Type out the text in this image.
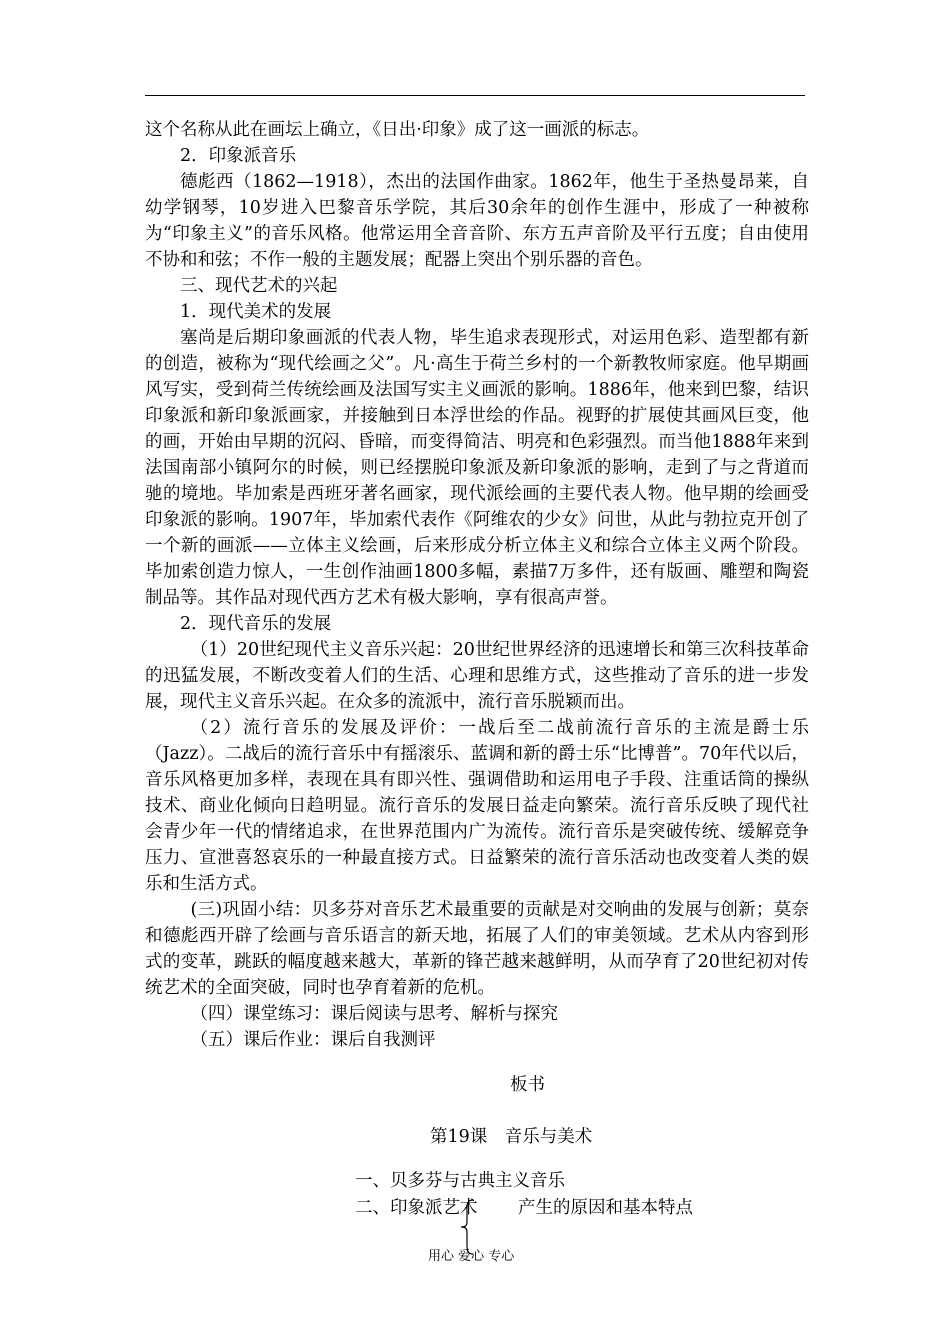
这个名称从此在画坛上确立，《日出·印象》成了这一画派的标志。

2．印象派音乐

德彪西（1862—1918），杰出的法国作曲家。1862年，他生于圣热曼昂莱，自幼学钢琴，10岁进入巴黎音乐学院，其后30余年的创作生涯中，形成了一种被称为“印象主义”的音乐风格。他常运用全音音阶、东方五声音阶及平行五度；自由使用不协和和弦；不作一般的主题发展；配器上突出个别乐器的音色。

三、现代艺术的兴起

1．现代美术的发展

塞尚是后期印象画派的代表人物，毕生追求表现形式，对运用色彩、造型都有新的创造，被称为“现代绘画之父”。凡·高生于荷兰乡村的一个新教牧师家庭。他早期画风写实，受到荷兰传统绘画及法国写实主义画派的影响。1886年，他来到巴黎，结识印象派和新印象派画家，并接触到日本浮世绘的作品。视野的扩展使其画风巨变，他的画，开始由早期的沉闷、昏暗，而变得简洁、明亮和色彩强烈。而当他1888年来到法国南部小镇阿尔的时候，则已经摆脱印象派及新印象派的影响，走到了与之背道而驰的境地。毕加索是西班牙著名画家，现代派绘画的主要代表人物。他早期的绘画受印象派的影响。1907年，毕加索代表作《阿维农的少女》问世，从此与勃拉克开创了一个新的画派——立体主义绘画，后来形成分析立体主义和综合立体主义两个阶段。毕加索创造力惊人，一生创作油画1800多幅，素描7万多件，还有版画、雕塑和陶瓷制品等。其作品对现代西方艺术有极大影响，享有很高声誉。

2．现代音乐的发展

（1）20世纪现代主义音乐兴起：20世纪世界经济的迅速增长和第三次科技革命的迅猛发展，不断改变着人们的生活、心理和思维方式，这些推动了音乐的进一步发展，现代主义音乐兴起。在众多的流派中，流行音乐脱颖而出。

（2）流行音乐的发展及评价：一战后至二战前流行音乐的主流是爵士乐（Jazz）。二战后的流行音乐中有摇滚乐、蓝调和新的爵士乐“比博普”。70年代以后，音乐风格更加多样，表现在具有即兴性、强调借助和运用电子手段、注重话筒的操纵技术、商业化倾向日趋明显。流行音乐的发展日益走向繁荣。流行音乐反映了现代社会青少年一代的情绪追求，在世界范围内广为流传。流行音乐是突破传统、缓解竞争压力、宣泄喜怒哀乐的一种最直接方式。日益繁荣的流行音乐活动也改变着人类的娱乐和生活方式。

(三)巩固小结：贝多芬对音乐艺术最重要的贡献是对交响曲的发展与创新；莫奈和德彪西开辟了绘画与音乐语言的新天地，拓展了人们的审美领域。艺术从内容到形式的变革，跳跃的幅度越来越大，革新的锋芒越来越鲜明，从而孕育了20世纪初对传统艺术的全面突破，同时也孕育着新的危机。

（四）课堂练习：课后阅读与思考、解析与探究

（五）课后作业：课后自我测评

板书
第19课　音乐与美术
一、贝多芬与古典主义音乐
二、印象派艺术 产生的原因和基本特点
用心 爱心 专心
